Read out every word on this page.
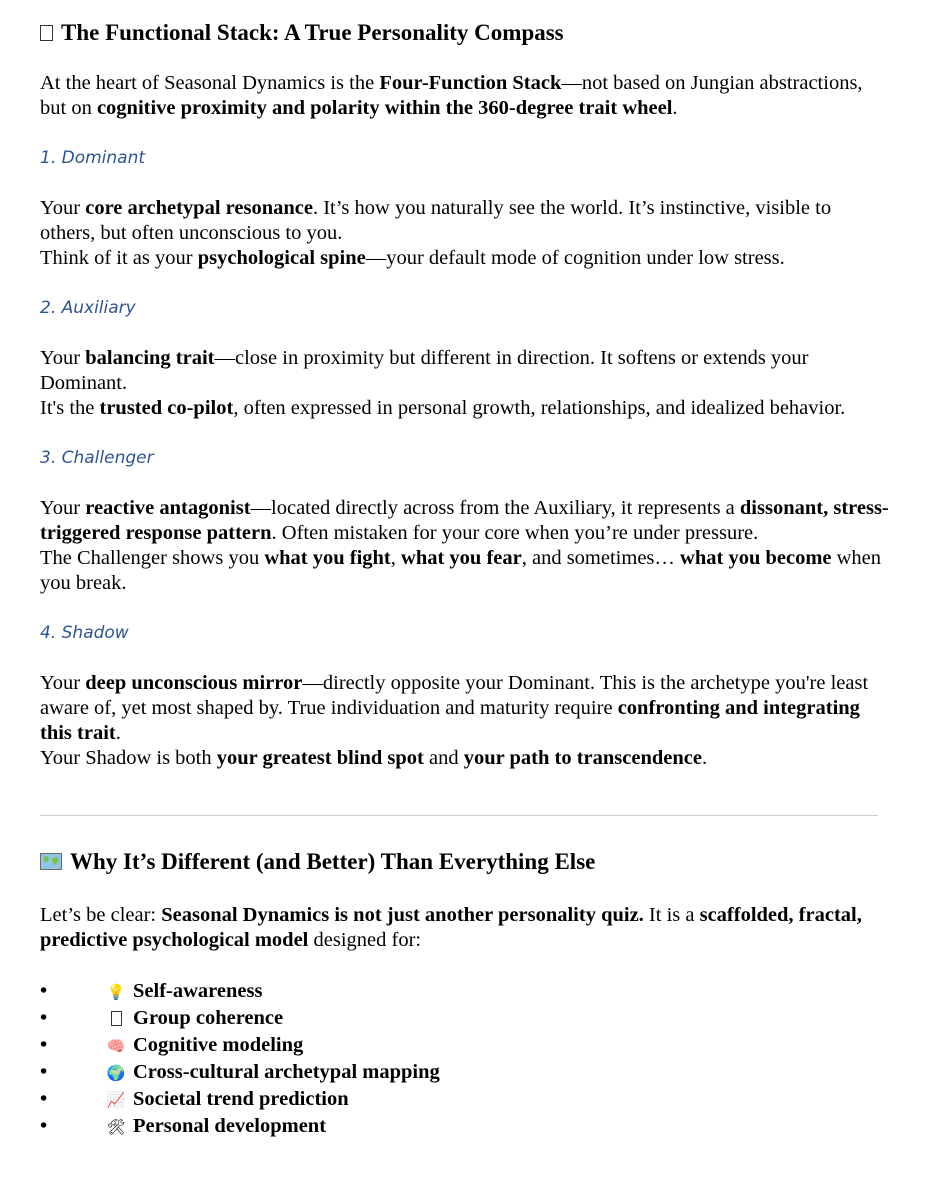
The Functional Stack: A True Personality Compass

At the heart of Seasonal Dynamics is the Four-Function Stack—not based on Jungian abstractions, but on cognitive proximity and polarity within the 360-degree trait wheel.

1. Dominant

Your core archetypal resonance. It’s how you naturally see the world. It’s instinctive, visible to others, but often unconscious to you.
Think of it as your psychological spine—your default mode of cognition under low stress.

2. Auxiliary

Your balancing trait—close in proximity but different in direction. It softens or extends your Dominant.
It's the trusted co-pilot, often expressed in personal growth, relationships, and idealized behavior.

3. Challenger

Your reactive antagonist—located directly across from the Auxiliary, it represents a dissonant, stress-triggered response pattern. Often mistaken for your core when you’re under pressure.
The Challenger shows you what you fight, what you fear, and sometimes… what you become when you break.

4. Shadow

Your deep unconscious mirror—directly opposite your Dominant. This is the archetype you're least aware of, yet most shaped by. True individuation and maturity require confronting and integrating this trait.
Your Shadow is both your greatest blind spot and your path to transcendence.

Why It’s Different (and Better) Than Everything Else

Let’s be clear: Seasonal Dynamics is not just another personality quiz. It is a scaffolded, fractal, predictive psychological model designed for:

•	💡 Self-awareness
•	Group coherence
•	🧠 Cognitive modeling
•	🌍 Cross-cultural archetypal mapping
•	📈 Societal trend prediction
•	🛠 Personal development
